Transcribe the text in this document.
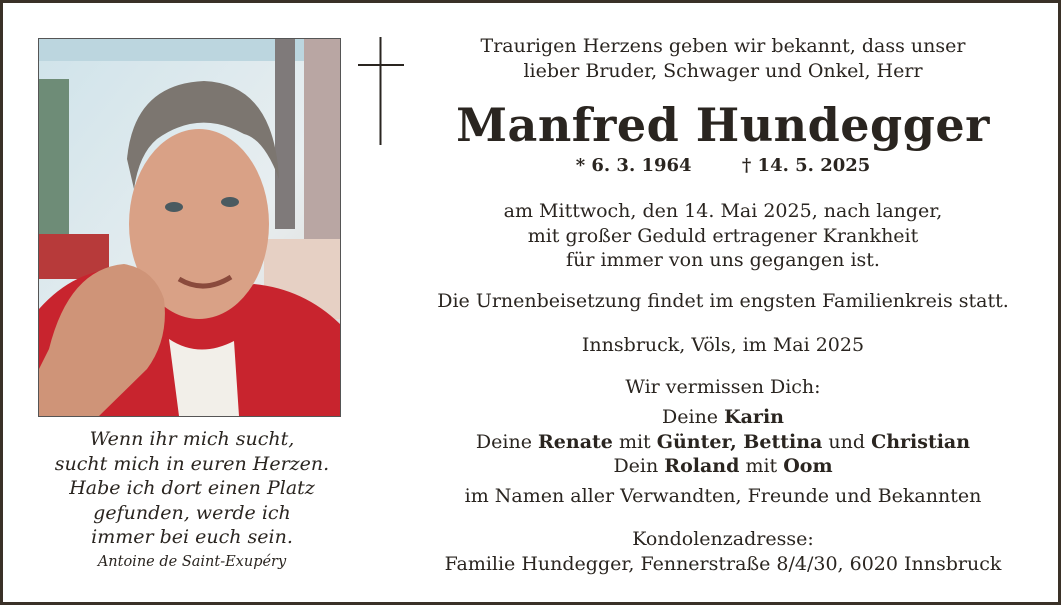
Wenn ihr mich sucht,
sucht mich in euren Herzen.
Habe ich dort einen Platz
gefunden, werde ich
immer bei euch sein.
Antoine de Saint-Exupéry
Traurigen Herzens geben wir bekannt, dass unser
lieber Bruder, Schwager und Onkel, Herr
Manfred Hundegger
* 6. 3. 1964	† 14. 5. 2025
am Mittwoch, den 14. Mai 2025, nach langer,
mit großer Geduld ertragener Krankheit
für immer von uns gegangen ist.
Die Urnenbeisetzung findet im engsten Familienkreis statt.
Innsbruck, Völs, im Mai 2025
Wir vermissen Dich:
Deine Karin
Deine Renate mit Günter, Bettina und Christian
Dein Roland mit Oom
im Namen aller Verwandten, Freunde und Bekannten
Kondolenzadresse:
Familie Hundegger, Fennerstraße 8/4/30, 6020 Innsbruck
